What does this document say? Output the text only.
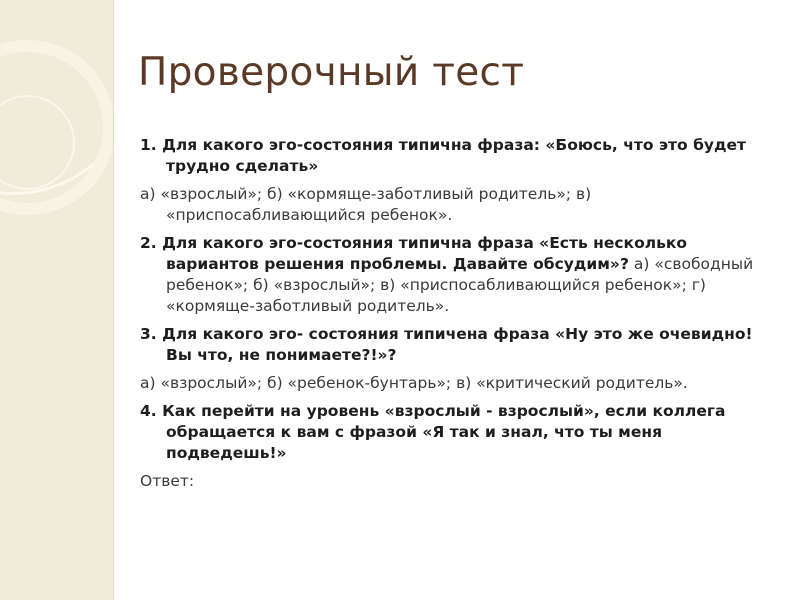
Проверочный тест
1. Для какого эго-состояния типична фраза: «Боюсь, что это будет трудно сделать»
а) «взрослый»; б) «кормяще-заботливый родитель»; в) «приспосабливающийся ребенок».
2. Для какого эго-состояния типична фраза «Есть несколько вариантов решения проблемы. Давайте обсудим»? а) «свободный ребенок»; б) «взрослый»; в) «приспосабливающийся ребенок»; г) «кормяще-заботливый родитель».
3. Для какого эго- состояния типичена фраза «Ну это же очевидно! Вы что, не понимаете?!»?
а) «взрослый»; б) «ребенок-бунтарь»; в) «критический родитель».
4. Как перейти на уровень «взрослый - взрослый», если коллега обращается к вам с фразой «Я так и знал, что ты меня подведешь!»
Ответ:
